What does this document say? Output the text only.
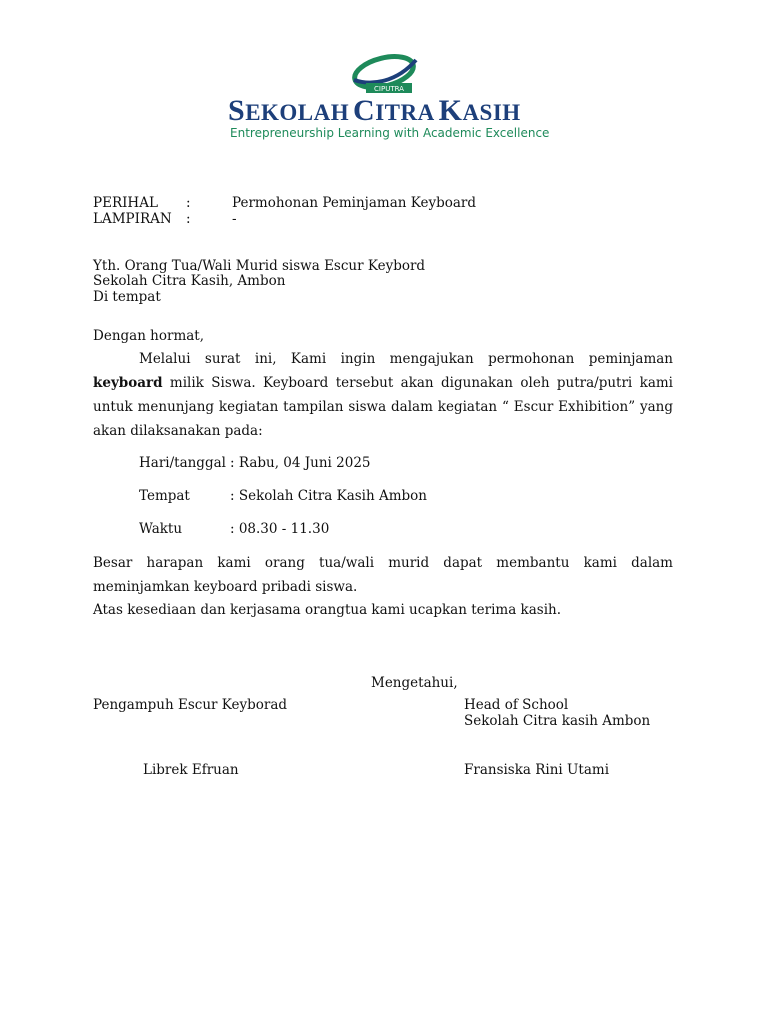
CIPUTRA
SEKOLAH CITRA KASIH
Entrepreneurship Learning with Academic Excellence
PERIHAL :	Permohonan Peminjaman Keyboard
LAMPIRAN :	-
Yth. Orang Tua/Wali Murid siswa Escur Keybord
Sekolah Citra Kasih, Ambon
Di tempat
Dengan hormat,
Melalui surat ini, Kami ingin mengajukan permohonan peminjaman keyboard milik Siswa. Keyboard tersebut akan digunakan oleh putra/putri kami untuk menunjang kegiatan tampilan siswa dalam kegiatan “ Escur Exhibition” yang akan dilaksanakan pada:
Hari/tanggal : Rabu, 04 Juni 2025
Tempat	: Sekolah Citra Kasih Ambon
Waktu	: 08.30 - 11.30
Besar harapan kami orang tua/wali murid dapat membantu kami dalam meminjamkan keyboard pribadi siswa.
Atas kesediaan dan kerjasama orangtua kami ucapkan terima kasih.
Mengetahui,
Pengampuh Escur Keyborad	Head of School
Sekolah Citra kasih Ambon
Librek Efruan	Fransiska Rini Utami
